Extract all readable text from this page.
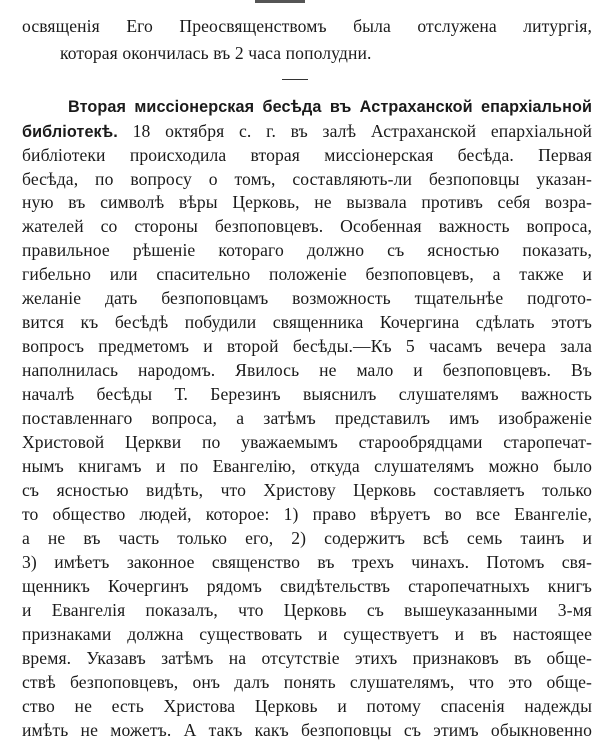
освященія Его Преосвященствомъ была отслужена литургія,
которая окончилась въ 2 часа пополудни.
Вторая миссіонерская бесѣда въ Астраханской епархіальной
библіотекѣ. 18 октября с. г. въ залѣ Астраханской епархіальной
библіотеки происходила вторая миссіонерская бесѣда. Первая
бесѣда, по вопросу о томъ, составляють-ли безпоповцы указан-
ную въ символѣ вѣры Церковь, не вызвала противъ себя возра-
жателей со стороны безпоповцевъ. Особенная важность вопроса,
правильное рѣшеніе котораго должно съ ясностью показать,
гибельно или спасительно положеніе безпоповцевъ, а также и
желаніе дать безпоповцамъ возможность тщательнѣе подгото-
вится къ бесѣдѣ побудили священника Кочергина сдѣлать этотъ
вопросъ предметомъ и второй бесѣды.—Къ 5 часамъ вечера зала
наполнилась народомъ. Явилось не мало и безпоповцевъ. Въ
началѣ бесѣды Т. Березинъ выяснилъ слушателямъ важность
поставленнаго вопроса, а затѣмъ представилъ имъ изображеніе
Христовой Церкви по уважаемымъ старообрядцами старопечат-
нымъ книгамъ и по Евангелію, откуда слушателямъ можно было
съ ясностью видѣть, что Христову Церковь составляетъ только
то общество людей, которое: 1) право вѣруетъ во все Евангеліе,
а не въ часть только его, 2) содержитъ всѣ семь таинъ и
3) имѣетъ законное священство въ трехъ чинахъ. Потомъ свя-
щенникъ Кочергинъ рядомъ свидѣтельствъ старопечатныхъ книгъ
и Евангелія показалъ, что Церковь съ вышеуказанными 3-мя
признаками должна существовать и существуетъ и въ настоящее
время. Указавъ затѣмъ на отсутствіе этихъ признаковъ въ обще-
ствѣ безпоповцевъ, онъ далъ понять слушателямъ, что это обще-
ство не есть Христова Церковь и потому спасенія надежды
имѣть не можетъ. А такъ какъ безпоповцы съ этимъ обыкновенно
